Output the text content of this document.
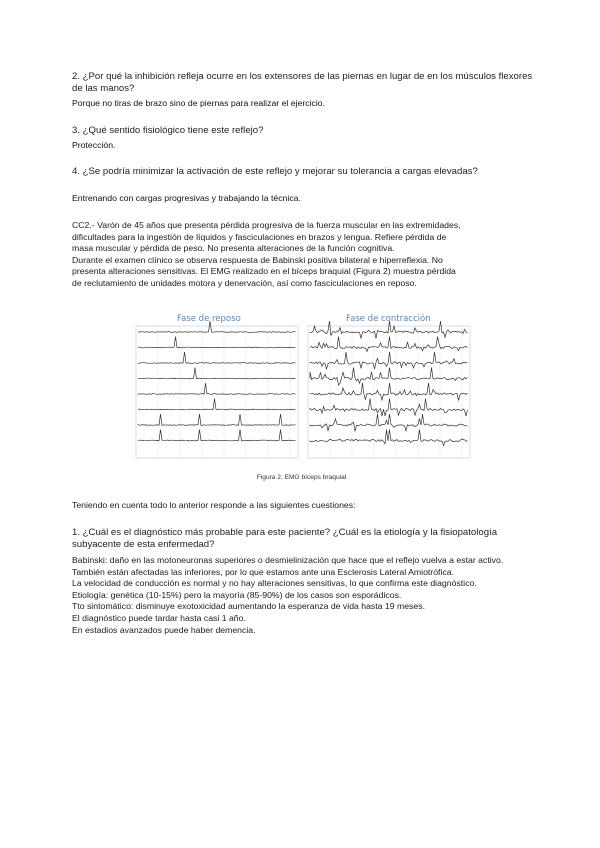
2. ¿Por qué la inhibición refleja ocurre en los extensores de las piernas en lugar de en los músculos flexores de las manos?

Porque no tiras de brazo sino de piernas para realizar el ejercicio.

3. ¿Qué sentido fisiológico tiene este reflejo?

Protección.

4. ¿Se podría minimizar la activación de este reflejo y mejorar su tolerancia a cargas elevadas?

Entrenando con cargas progresivas y trabajando la técnica.

CC2.- Varón de 45 años que presenta pérdida progresiva de la fuerza muscular en las extremidades,
dificultades para la ingestión de líquidos y fasciculaciones en brazos y lengua. Refiere pérdida de
masa muscular y pérdida de peso. No presenta alteraciones de la función cognitiva.
Durante el examen clínico se observa respuesta de Babinski positiva bilateral e hiperreflexia. No
presenta alteraciones sensitivas. El EMG realizado en el bíceps braquial (Figura 2) muestra pérdida
de reclutamiento de unidades motora y denervación, así como fasciculaciones en reposo.
Fase de reposo	Fase de contracción
Figura 2. EMG bíceps braquial

Teniendo en cuenta todo lo anterior responde a las siguientes cuestiones:

1. ¿Cuál es el diagnóstico más probable para este paciente? ¿Cuál es la etiología y la fisiopatología subyacente de esta enfermedad?

Babinski: daño en las motoneuronas superiores o desmielinización que hace que el reflejo vuelva a estar activo.
También están afectadas las inferiores, por lo que estamos ante una Esclerosis Lateral Amiotrófica.
La velocidad de conducción es normal y no hay alteraciones sensitivas, lo que confirma este diagnóstico.
Etiología: genética (10-15%) pero la mayoría (85-90%) de los casos son esporádicos.
Tto sintomático: disminuye exotoxicidad aumentando la esperanza de vida hasta 19 meses.
El diagnóstico puede tardar hasta casi 1 año.
En estadios avanzados puede haber demencia.
